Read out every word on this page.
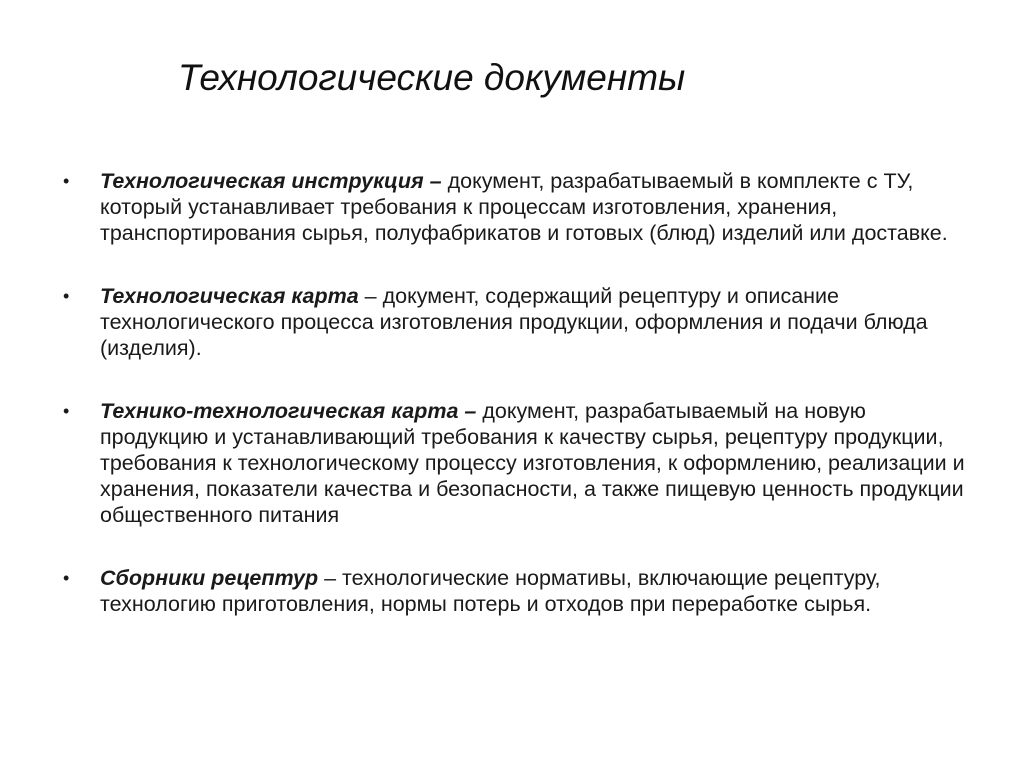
Технологические документы
• Технологическая инструкция – документ, разрабатываемый в комплекте с ТУ, который устанавливает требования к процессам изготовления, хранения, транспортирования сырья, полуфабрикатов и готовых (блюд) изделий или доставке.
• Технологическая карта – документ, содержащий рецептуру и описание технологического процесса изготовления продукции, оформления и подачи блюда (изделия).
• Технико-технологическая карта – документ, разрабатываемый на новую продукцию и устанавливающий требования к качеству сырья, рецептуру продукции, требования к технологическому процессу изготовления, к оформлению, реализации и хранения, показатели качества и безопасности, а также пищевую ценность продукции общественного питания
• Сборники рецептур – технологические нормативы, включающие рецептуру, технологию приготовления, нормы потерь и отходов при переработке сырья.
